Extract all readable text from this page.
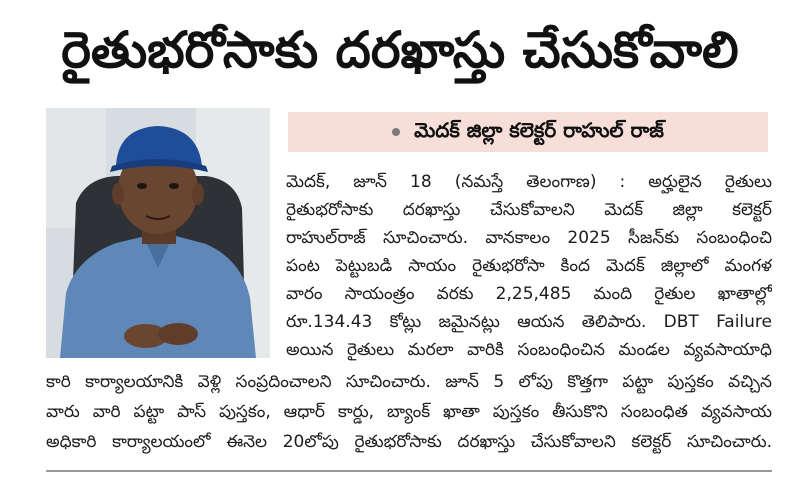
రైతుభరోసాకు దరఖాస్తు చేసుకోవాలి
మెదక్ జిల్లా కలెక్టర్ రాహుల్ రాజ్
మెదక్, జూన్ 18 (నమస్తే తెలంగాణ) : అర్హులైన రైతులు
రైతుభరోసాకు దరఖాస్తు చేసుకోవాలని మెదక్ జిల్లా కలెక్టర్
రాహుల్‌రాజ్ సూచించారు. వానకాలం 2025 సీజన్‌కు సంబంధించి
పంట పెట్టుబడి సాయం రైతుభరోసా కింద మెదక్ జిల్లాలో మంగళ
వారం సాయంత్రం వరకు 2,25,485 మంది రైతుల ఖాతాల్లో
రూ.134.43 కోట్లు జమైనట్లు ఆయన తెలిపారు. DBT Failure
అయిన రైతులు మరలా వారికి సంబంధించిన మండల వ్యవసాయాధి
కారి కార్యాలయానికి వెళ్లి సంప్రదించాలని సూచించారు. జూన్ 5 లోపు కొత్తగా పట్టా పుస్తకం వచ్చిన
వారు వారి పట్టా పాస్ పుస్తకం, ఆధార్ కార్డు, బ్యాంక్ ఖాతా పుస్తకం తీసుకొని సంబంధిత వ్యవసాయ
అధికారి కార్యాలయంలో ఈనెల 20లోపు రైతుభరోసాకు దరఖాస్తు చేసుకోవాలని కలెక్టర్ సూచించారు.
